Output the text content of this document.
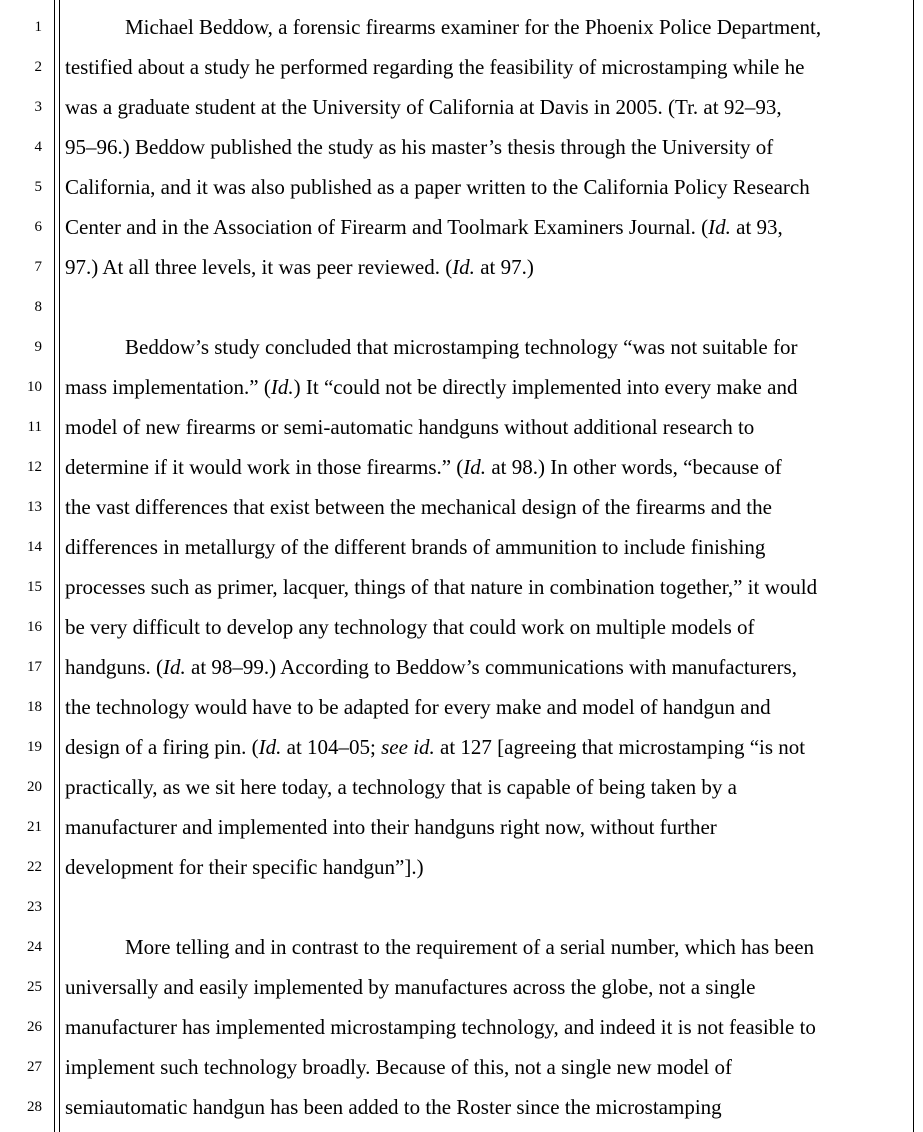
1
2
3
4
5
6
7
8
9
10
11
12
13
14
15
16
17
18
19
20
21
22
23
24
25
26
27
28
Michael Beddow, a forensic firearms examiner for the Phoenix Police Department,
testified about a study he performed regarding the feasibility of microstamping while he
was a graduate student at the University of California at Davis in 2005. (Tr. at 92–93,
95–96.) Beddow published the study as his master’s thesis through the University of
California, and it was also published as a paper written to the California Policy Research
Center and in the Association of Firearm and Toolmark Examiners Journal. (Id. at 93,
97.) At all three levels, it was peer reviewed. (Id. at 97.)
Beddow’s study concluded that microstamping technology “was not suitable for
mass implementation.” (Id.) It “could not be directly implemented into every make and
model of new firearms or semi-automatic handguns without additional research to
determine if it would work in those firearms.” (Id. at 98.) In other words, “because of
the vast differences that exist between the mechanical design of the firearms and the
differences in metallurgy of the different brands of ammunition to include finishing
processes such as primer, lacquer, things of that nature in combination together,” it would
be very difficult to develop any technology that could work on multiple models of
handguns. (Id. at 98–99.) According to Beddow’s communications with manufacturers,
the technology would have to be adapted for every make and model of handgun and
design of a firing pin. (Id. at 104–05; see id. at 127 [agreeing that microstamping “is not
practically, as we sit here today, a technology that is capable of being taken by a
manufacturer and implemented into their handguns right now, without further
development for their specific handgun”].)
More telling and in contrast to the requirement of a serial number, which has been
universally and easily implemented by manufactures across the globe, not a single
manufacturer has implemented microstamping technology, and indeed it is not feasible to
implement such technology broadly. Because of this, not a single new model of
semiautomatic handgun has been added to the Roster since the microstamping
